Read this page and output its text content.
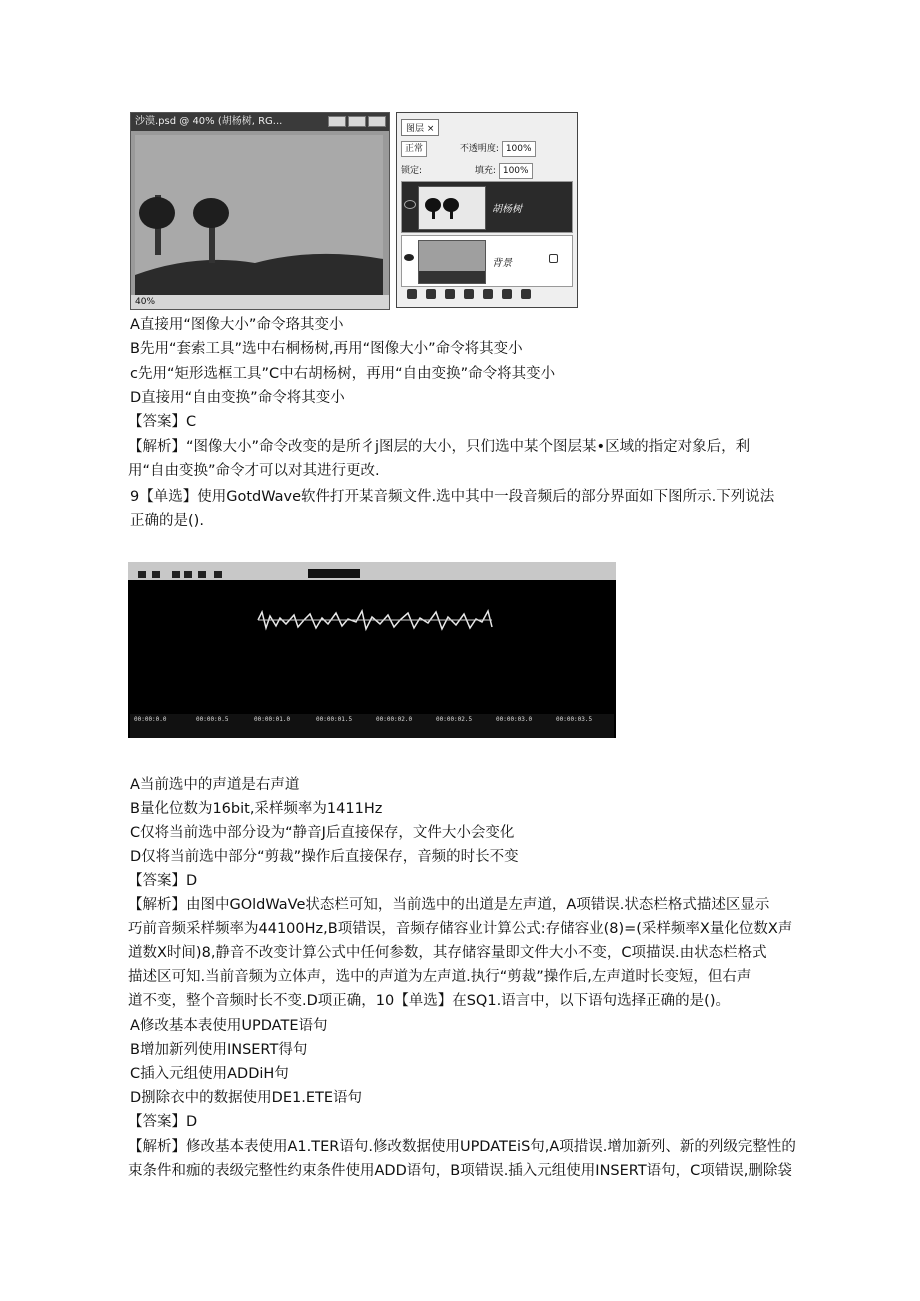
沙漠.psd @ 40% (胡杨树, RG...
40%
图层 ×
正常	不透明度: 100%
锁定:	填充: 100%
胡杨树
背景
A直接用“图像大小”命令珞其变小
B先用“套索工具”选中右桐杨树,再用“图像大小”命令将其变小
c先用“矩形选框工具”C中右胡杨树，再用“自由变换”命令将其变小
D直接用“自由变换”命令将其变小
【答案】C
【解析】“图像大小”命令改变的是所彳j图层的大小，只们选中某个图层某•区域的指定对象后，利
用“自由变换”命令才可以对其进行更改.
9【单选】使用GotdWave软件打开某音频文件.选中其中一段音频后的部分界面如下图所示.下列说法
正确的是().
00:00:0.0	00:00:0.5	00:00:01.0	00:00:01.5	00:00:02.0	00:00:02.5	00:00:03.0	00:00:03.5
A当前选中的声道是右声道
B量化位数为16bit,采样频率为1411Hz
C仅将当前选中部分设为“静音J后直接保存，文件大小会变化
D仅将当前选中部分“剪裁”操作后直接保存，音频的时长不变
【答案】D
【解析】由图中GOldWaVe状态栏可知，当前选中的出道是左声道，A项错误.状态栏格式描述区显示
巧前音频采样频率为44100Hz,B项错误，音频存储容业计算公式:存储容业(8)=(采样频率X量化位数X声
道数X时间)8,静音不改变计算公式中任何参数，其存储容量即文件大小不变，C项描误.由状态栏格式
描述区可知.当前音频为立体声，选中的声道为左声道.执行“剪裁”操作后,左声道时长变短，但右声
道不变，整个音频时长不变.D项正确，10【单选】在SQ1.语言中，以下语句选择正确的是()。
A修改基本表使用UPDATE语句
B增加新列使用INSERT得句
C插入元组使用ADDiH句
D捌除衣中的数据使用DE1.ETE语句
【答案】D
【解析】修改基本表使用A1.TER语句.修改数据使用UPDATEiS句,A项措误.增加新列、新的列级完整性的
束条件和痂的表级完整性约束条件使用ADD语句，B项错误.插入元组使用INSERT语句，C项错误,删除袋
